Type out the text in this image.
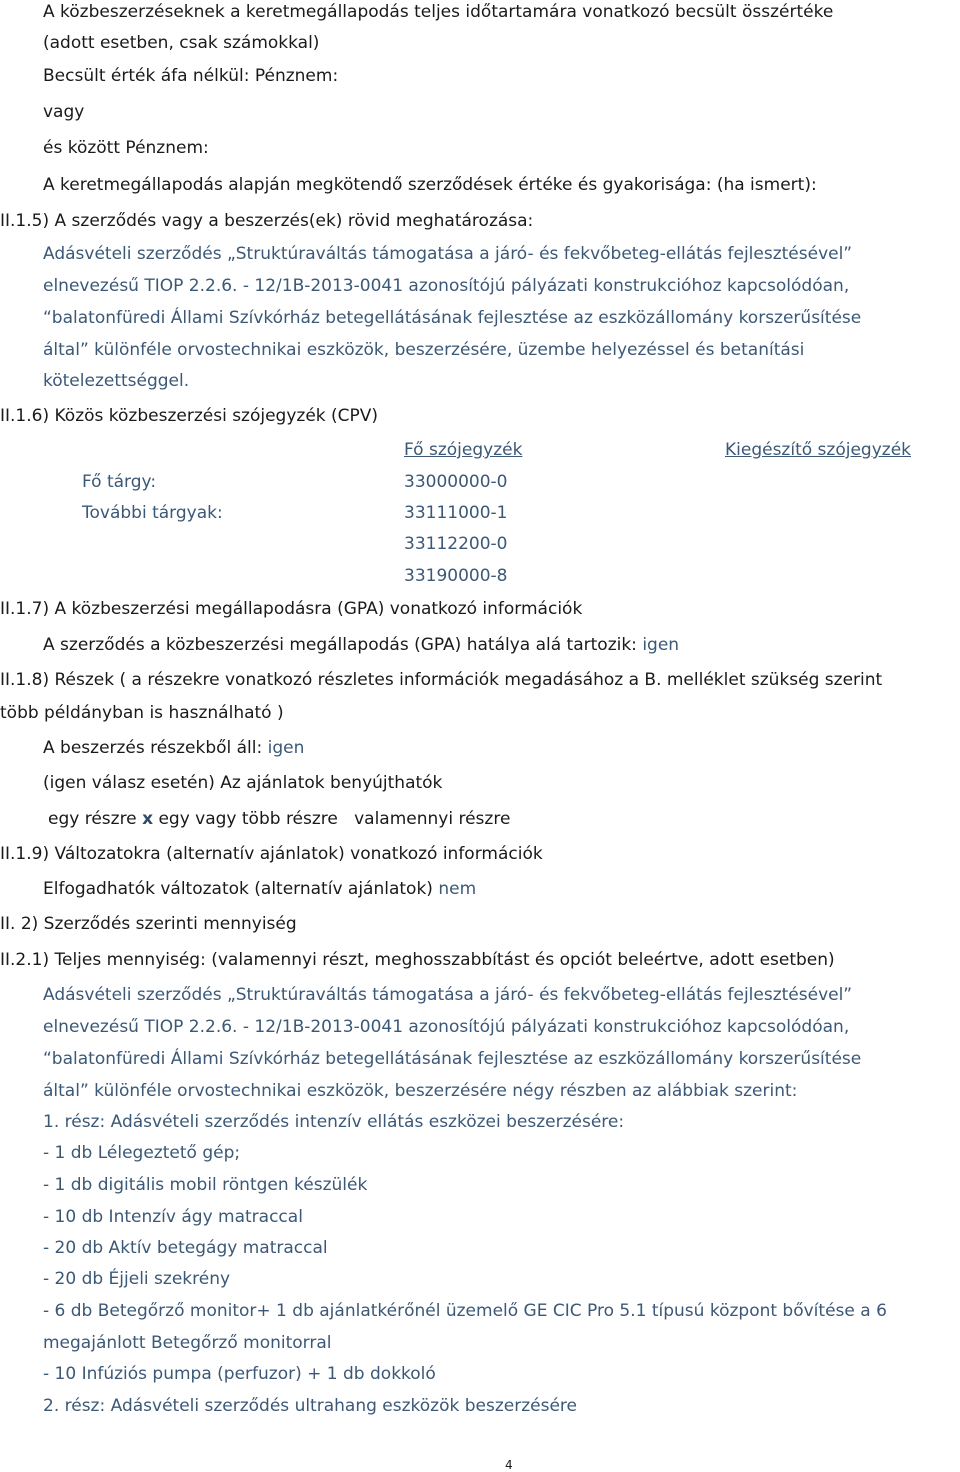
A közbeszerzéseknek a keretmegállapodás teljes időtartamára vonatkozó becsült összértéke
(adott esetben, csak számokkal)
Becsült érték áfa nélkül: Pénznem:
vagy
és között Pénznem:
A keretmegállapodás alapján megkötendő szerződések értéke és gyakorisága: (ha ismert):
II.1.5) A szerződés vagy a beszerzés(ek) rövid meghatározása:
Adásvételi szerződés „Struktúraváltás támogatása a járó- és fekvőbeteg-ellátás fejlesztésével”
elnevezésű TIOP 2.2.6. - 12/1B-2013-0041 azonosítójú pályázati konstrukcióhoz kapcsolódóan,
“balatonfüredi Állami Szívkórház betegellátásának fejlesztése az eszközállomány korszerűsítése
által” különféle orvostechnikai eszközök, beszerzésére, üzembe helyezéssel és betanítási
kötelezettséggel.
II.1.6) Közös közbeszerzési szójegyzék (CPV)
Fő szójegyzék	Kiegészítő szójegyzék
Fő tárgy:	33000000-0
További tárgyak:	33111000-1
33112200-0
33190000-8
II.1.7) A közbeszerzési megállapodásra (GPA) vonatkozó információk
A szerződés a közbeszerzési megállapodás (GPA) hatálya alá tartozik: igen
II.1.8) Részek ( a részekre vonatkozó részletes információk megadásához a B. melléklet szükség szerint
több példányban is használható )
A beszerzés részekből áll: igen
(igen válasz esetén) Az ajánlatok benyújthatók
egy részre x egy vagy több részre valamennyi részre
II.1.9) Változatokra (alternatív ajánlatok) vonatkozó információk
Elfogadhatók változatok (alternatív ajánlatok) nem
II. 2) Szerződés szerinti mennyiség
II.2.1) Teljes mennyiség: (valamennyi részt, meghosszabbítást és opciót beleértve, adott esetben)
Adásvételi szerződés „Struktúraváltás támogatása a járó- és fekvőbeteg-ellátás fejlesztésével”
elnevezésű TIOP 2.2.6. - 12/1B-2013-0041 azonosítójú pályázati konstrukcióhoz kapcsolódóan,
“balatonfüredi Állami Szívkórház betegellátásának fejlesztése az eszközállomány korszerűsítése
által” különféle orvostechnikai eszközök, beszerzésére négy részben az alábbiak szerint:
1. rész: Adásvételi szerződés intenzív ellátás eszközei beszerzésére:
- 1 db Lélegeztető gép;
- 1 db digitális mobil röntgen készülék
- 10 db Intenzív ágy matraccal
- 20 db Aktív betegágy matraccal
- 20 db Éjjeli szekrény
- 6 db Betegőrző monitor+ 1 db ajánlatkérőnél üzemelő GE CIC Pro 5.1 típusú központ bővítése a 6
megajánlott Betegőrző monitorral
- 10 Infúziós pumpa (perfuzor) + 1 db dokkoló
2. rész: Adásvételi szerződés ultrahang eszközök beszerzésére
4
